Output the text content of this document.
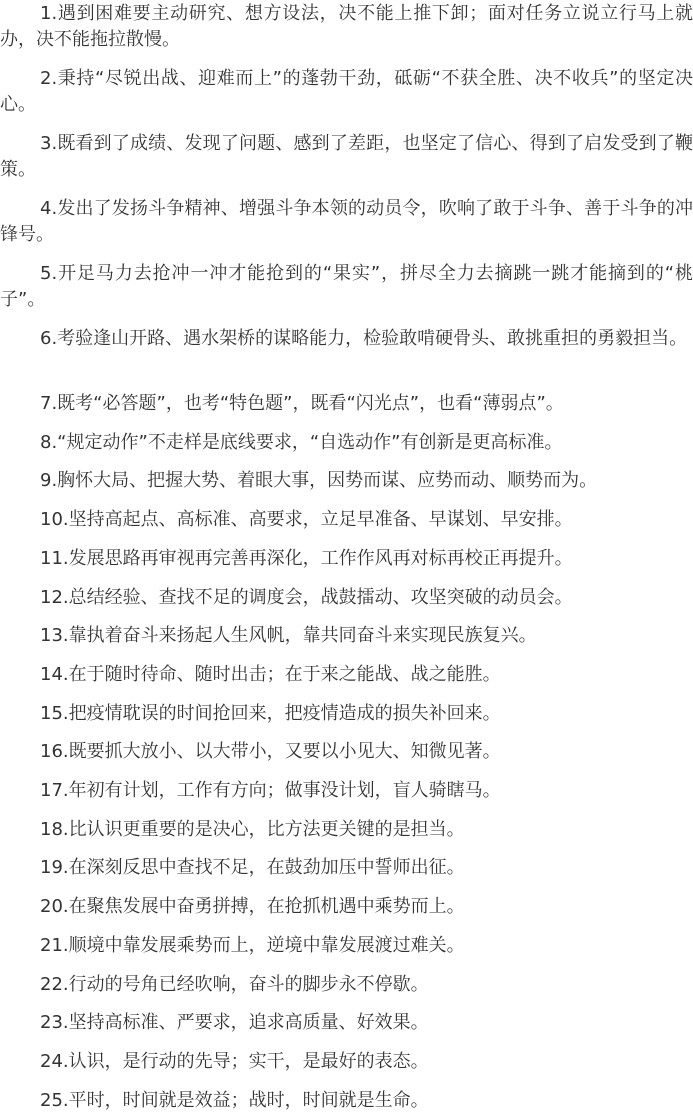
1.遇到困难要主动研究、想方设法，决不能上推下卸；面对任务立说立行马上就办，决不能拖拉散慢。

2.秉持“尽锐出战、迎难而上”的蓬勃干劲，砥砺“不获全胜、决不收兵”的坚定决心。

3.既看到了成绩、发现了问题、感到了差距，也坚定了信心、得到了启发受到了鞭策。

4.发出了发扬斗争精神、增强斗争本领的动员令，吹响了敢于斗争、善于斗争的冲锋号。

5.开足马力去抢冲一冲才能抢到的“果实”，拼尽全力去摘跳一跳才能摘到的“桃子”。

6.考验逢山开路、遇水架桥的谋略能力，检验敢啃硬骨头、敢挑重担的勇毅担当。

7.既考“必答题”，也考“特色题”，既看“闪光点”，也看“薄弱点”。

8.“规定动作”不走样是底线要求，“自选动作”有创新是更高标准。

9.胸怀大局、把握大势、着眼大事，因势而谋、应势而动、顺势而为。

10.坚持高起点、高标准、高要求，立足早准备、早谋划、早安排。

11.发展思路再审视再完善再深化，工作作风再对标再校正再提升。

12.总结经验、查找不足的调度会，战鼓擂动、攻坚突破的动员会。

13.靠执着奋斗来扬起人生风帆，靠共同奋斗来实现民族复兴。

14.在于随时待命、随时出击；在于来之能战、战之能胜。

15.把疫情耽误的时间抢回来，把疫情造成的损失补回来。

16.既要抓大放小、以大带小，又要以小见大、知微见著。

17.年初有计划，工作有方向；做事没计划，盲人骑瞎马。

18.比认识更重要的是决心，比方法更关键的是担当。

19.在深刻反思中查找不足，在鼓劲加压中誓师出征。

20.在聚焦发展中奋勇拼搏，在抢抓机遇中乘势而上。

21.顺境中靠发展乘势而上，逆境中靠发展渡过难关。

22.行动的号角已经吹响，奋斗的脚步永不停歇。

23.坚持高标准、严要求，追求高质量、好效果。

24.认识，是行动的先导；实干，是最好的表态。

25.平时，时间就是效益；战时，时间就是生命。
